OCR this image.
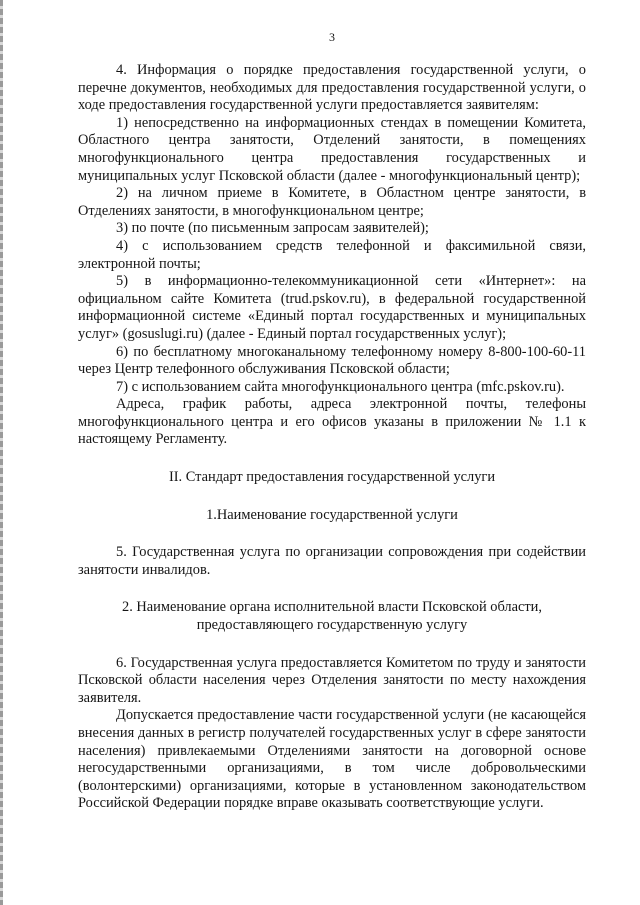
3

4. Информация о порядке предоставления государственной услуги, о перечне документов, необходимых для предоставления государственной услуги, о ходе предоставления государственной услуги предоставляется заявителям:

1) непосредственно на информационных стендах в помещении Комитета, Областного центра занятости, Отделений занятости, в помещениях многофункционального центра предоставления государственных и муниципальных услуг Псковской области (далее - многофункциональный центр);

2) на личном приеме в Комитете, в Областном центре занятости, в Отделениях занятости, в многофункциональном центре;

3) по почте (по письменным запросам заявителей);

4) с использованием средств телефонной и факсимильной связи, электронной почты;

5) в информационно-телекоммуникационной сети «Интернет»: на официальном сайте Комитета (trud.pskov.ru), в федеральной государственной информационной системе «Единый портал государственных и муниципальных услуг» (gosuslugi.ru) (далее - Единый портал государственных услуг);

6) по бесплатному многоканальному телефонному номеру 8-800-100-60-11 через Центр телефонного обслуживания Псковской области;

7) с использованием сайта многофункционального центра (mfc.pskov.ru).

Адреса, график работы, адреса электронной почты, телефоны многофункционального центра и его офисов указаны в приложении № 1.1 к настоящему Регламенту.

II. Стандарт предоставления государственной услуги

1.Наименование государственной услуги

5. Государственная услуга по организации сопровождения при содействии занятости инвалидов.

2. Наименование органа исполнительной власти Псковской области,

предоставляющего государственную услугу

6. Государственная услуга предоставляется Комитетом по труду и занятости Псковской области населения через Отделения занятости по месту нахождения заявителя.

Допускается предоставление части государственной услуги (не касающейся внесения данных в регистр получателей государственных услуг в сфере занятости населения) привлекаемыми Отделениями занятости на договорной основе негосударственными организациями, в том числе добровольческими (волонтерскими) организациями, которые в установленном законодательством Российской Федерации порядке вправе оказывать соответствующие услуги.
